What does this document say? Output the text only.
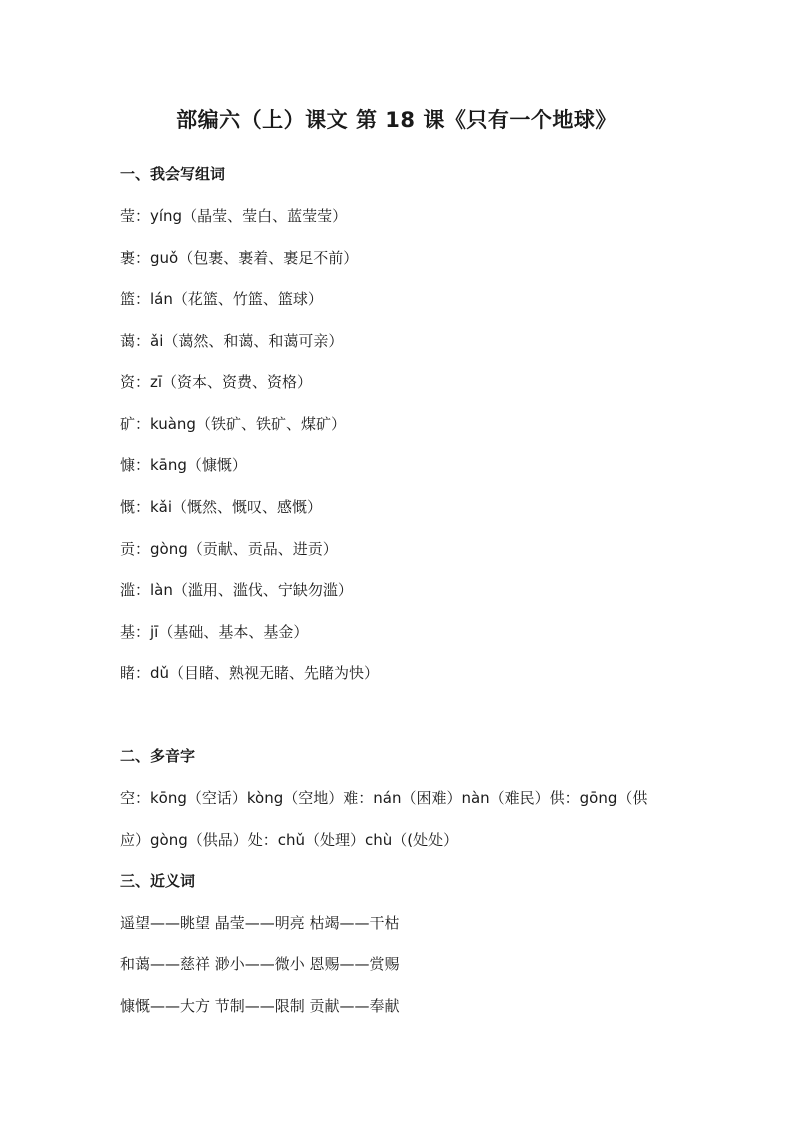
部编六（上）课文 第 18 课《只有一个地球》
一、我会写组词
莹：yíng（晶莹、莹白、蓝莹莹）
裹：guǒ（包裹、裹着、裹足不前）
篮：lán（花篮、竹篮、篮球）
蔼：ǎi（蔼然、和蔼、和蔼可亲）
资：zī（资本、资费、资格）
矿：kuàng（铁矿、铁矿、煤矿）
慷：kāng（慷慨）
慨：kǎi（慨然、慨叹、感慨）
贡：gòng（贡献、贡品、进贡）
滥：làn（滥用、滥伐、宁缺勿滥）
基：jī（基础、基本、基金）
睹：dǔ（目睹、熟视无睹、先睹为快）
二、多音字
空：kōng（空话）kòng（空地）难：nán（困难）nàn（难民）供：gōng（供
应）gòng（供品）处：chǔ（处理）chù（(处处）
三、近义词
遥望——眺望 晶莹——明亮 枯竭——干枯
和蔼——慈祥 渺小——微小 恩赐——赏赐
慷慨——大方 节制——限制 贡献——奉献
